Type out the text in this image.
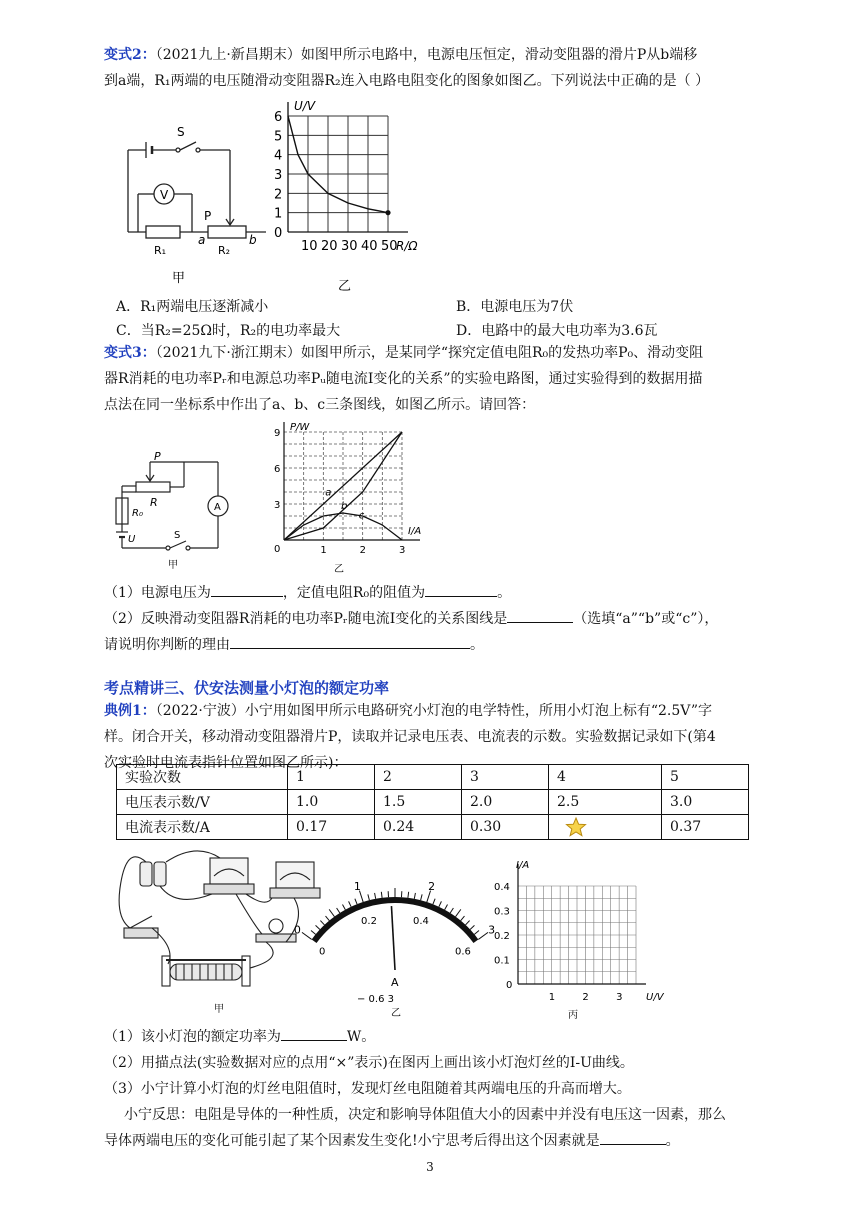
变式2：（2021九上·新昌期末）如图甲所示电路中，电源电压恒定，滑动变阻器的滑片P从b端移
到a端，R₁两端的电压随滑动变阻器R₂连入电路电阻变化的图象如图乙。下列说法中正确的是（ ）

S
V
P
R₁	R₂
a	b
甲
U/V
R/Ω
10 20 30 40 50
0
1
2
3
4
5
6
乙
A．R₁两端电压逐渐减小	B．电源电压为7伏
C．当R₂=25Ω时，R₂的电功率最大	D．电路中的最大电功率为3.6瓦

变式3：（2021九下·浙江期末）如图甲所示，是某同学“探究定值电阻R₀的发热功率P₀、滑动变阻
器R消耗的电功率Pᵣ和电源总功率Pᵤ随电流I变化的关系”的实验电路图，通过实验得到的数据用描
点法在同一坐标系中作出了a、b、c三条图线，如图乙所示。请回答：

P
R
R₀
U	S
A
甲
P/W
I/A
0	1	2	3
3
6
9
a
b
c
乙

（1）电源电压为	，定值电阻R₀的阻值为	。
（2）反映滑动变阻器R消耗的电功率Pᵣ随电流I变化的关系图线是	（选填“a”“b”或“c”），
请说明你判断的理由	。

考点精讲三、伏安法测量小灯泡的额定功率

典例1：（2022·宁波）小宁用如图甲所示电路研究小灯泡的电学特性，所用小灯泡上标有“2.5V”字
样。闭合开关，移动滑动变阻器滑片P，读取并记录电压表、电流表的示数。实验数据记录如下(第4
次实验时电流表指针位置如图乙所示)：

实验次数	1	2	3	4	5
电压表示数/V	1.0	1.5	2.0	2.5	3.0
电流表示数/A	0.17	0.24	0.30		0.37
甲
0
1	2
3
0
0.2	0.4
0.6
A
− 0.6 3
乙
I/A
U/V
0
1	2	3
0.1
0.2
0.3
0.4
丙

（1）该小灯泡的额定功率为	W。
（2）用描点法(实验数据对应的点用“×”表示)在图丙上画出该小灯泡灯丝的I-U曲线。
（3）小宁计算小灯泡的灯丝电阻值时，发现灯丝电阻随着其两端电压的升高而增大。
小宁反思：电阻是导体的一种性质，决定和影响导体阻值大小的因素中并没有电压这一因素，那么
导体两端电压的变化可能引起了某个因素发生变化!小宁思考后得出这个因素就是	。

3
